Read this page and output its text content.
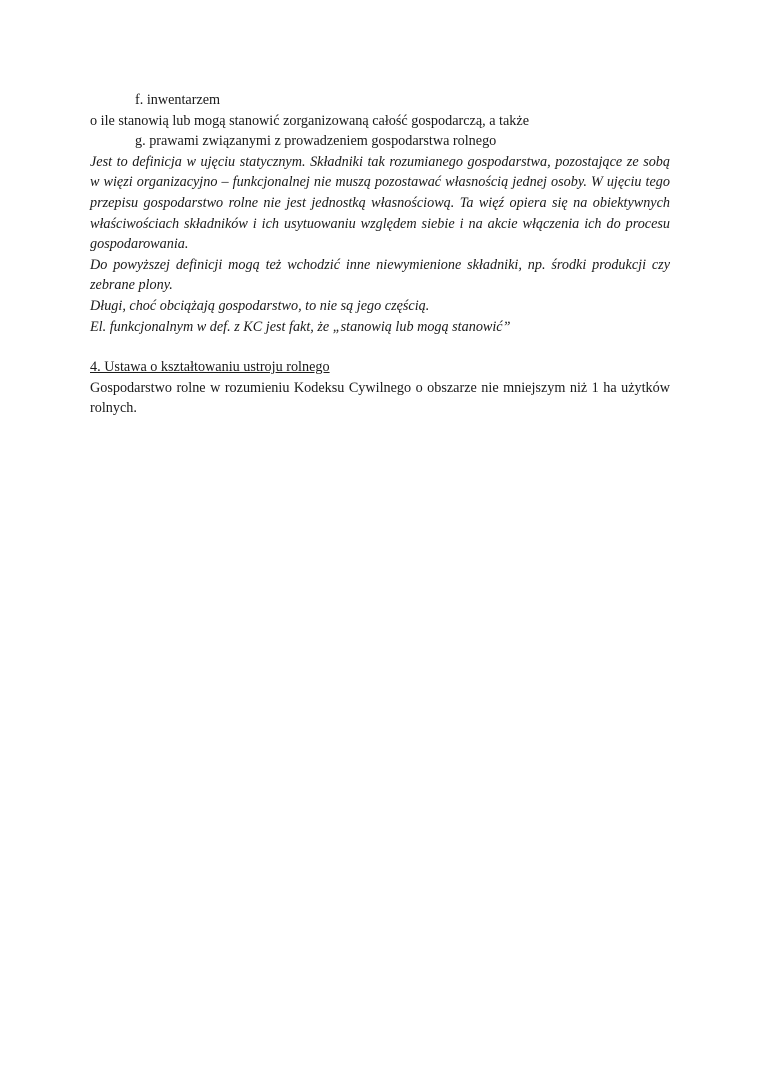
f. inwentarzem
o ile stanowią lub mogą stanowić zorganizowaną całość gospodarczą, a także
g. prawami związanymi z prowadzeniem gospodarstwa rolnego

Jest to definicja w ujęciu statycznym. Składniki tak rozumianego gospodarstwa, pozostające ze sobą w więzi organizacyjno – funkcjonalnej nie muszą pozostawać własnością jednej osoby. W ujęciu tego przepisu gospodarstwo rolne nie jest jednostką własnościową. Ta więź opiera się na obiektywnych właściwościach składników i ich usytuowaniu względem siebie i na akcie włączenia ich do procesu gospodarowania.

Do powyższej definicji mogą też wchodzić inne niewymienione składniki, np. środki produkcji czy zebrane plony.

Długi, choć obciążają gospodarstwo, to nie są jego częścią.

El. funkcjonalnym w def. z KC jest fakt, że „stanowią lub mogą stanowić”

4. Ustawa o kształtowaniu ustroju rolnego

Gospodarstwo rolne w rozumieniu Kodeksu Cywilnego o obszarze nie mniejszym niż 1 ha użytków rolnych.
